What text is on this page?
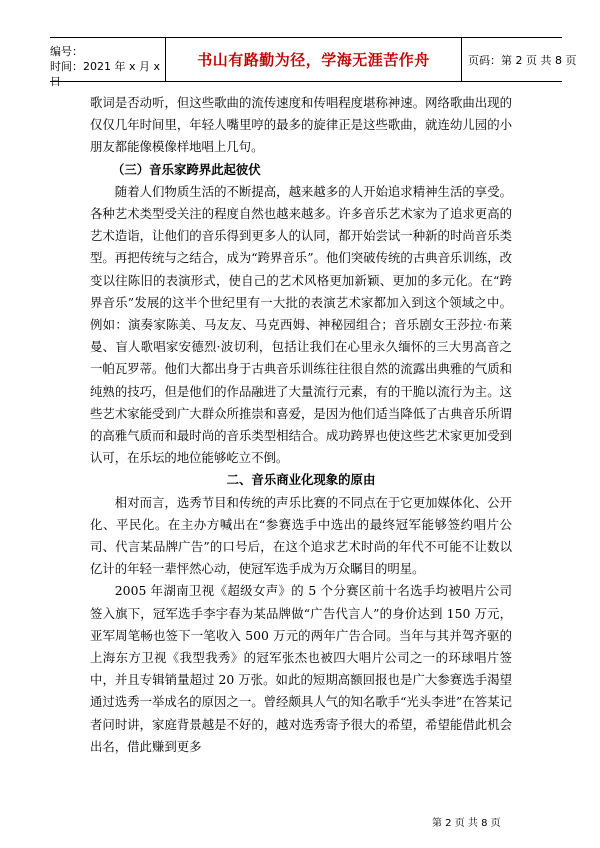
编号：
时间：2021 年 x 月 x 日
书山有路勤为径，学海无涯苦作舟	页码：第 2 页 共 8 页

歌词是否动听，但这些歌曲的流传速度和传唱程度堪称神速。网络歌曲出现的仅仅几年时间里，年轻人嘴里哼的最多的旋律正是这些歌曲，就连幼儿园的小朋友都能像模像样地唱上几句。

（三）音乐家跨界此起彼伏

随着人们物质生活的不断提高，越来越多的人开始追求精神生活的享受。各种艺术类型受关注的程度自然也越来越多。许多音乐艺术家为了追求更高的艺术造诣，让他们的音乐得到更多人的认同，都开始尝试一种新的时尚音乐类型。再把传统与之结合，成为“跨界音乐”。他们突破传统的古典音乐训练，改变以往陈旧的表演形式，使自己的艺术风格更加新颖、更加的多元化。在“跨界音乐”发展的这半个世纪里有一大批的表演艺术家都加入到这个领域之中。例如：演奏家陈美、马友友、马克西姆、神秘园组合；音乐剧女王莎拉·布莱曼、盲人歌唱家安德烈·波切利，包括让我们在心里永久缅怀的三大男高音之一帕瓦罗蒂。他们大都出身于古典音乐训练往往很自然的流露出典雅的气质和纯熟的技巧，但是他们的作品融进了大量流行元素，有的干脆以流行为主。这些艺术家能受到广大群众所推崇和喜爱，是因为他们适当降低了古典音乐所谓的高雅气质而和最时尚的音乐类型相结合。成功跨界也使这些艺术家更加受到认可，在乐坛的地位能够屹立不倒。

二、音乐商业化现象的原由

相对而言，选秀节目和传统的声乐比赛的不同点在于它更加媒体化、公开化、平民化。在主办方喊出在“参赛选手中选出的最终冠军能够签约唱片公司、代言某品牌广告”的口号后，在这个追求艺术时尚的年代不可能不让数以亿计的年轻一辈怦然心动，使冠军选手成为万众瞩目的明星。

2005 年湖南卫视《超级女声》的 5 个分赛区前十名选手均被唱片公司签入旗下，冠军选手李宇春为某品牌做“广告代言人”的身价达到 150 万元，亚军周笔畅也签下一笔收入 500 万元的两年广告合同。当年与其并驾齐驱的上海东方卫视《我型我秀》的冠军张杰也被四大唱片公司之一的环球唱片签中，并且专辑销量超过 20 万张。如此的短期高额回报也是广大参赛选手渴望通过选秀一举成名的原因之一。曾经颇具人气的知名歌手“光头李进”在答某记者问时讲，家庭背景越是不好的，越对选秀寄予很大的希望，希望能借此机会出名，借此赚到更多

第 2 页 共 8 页
